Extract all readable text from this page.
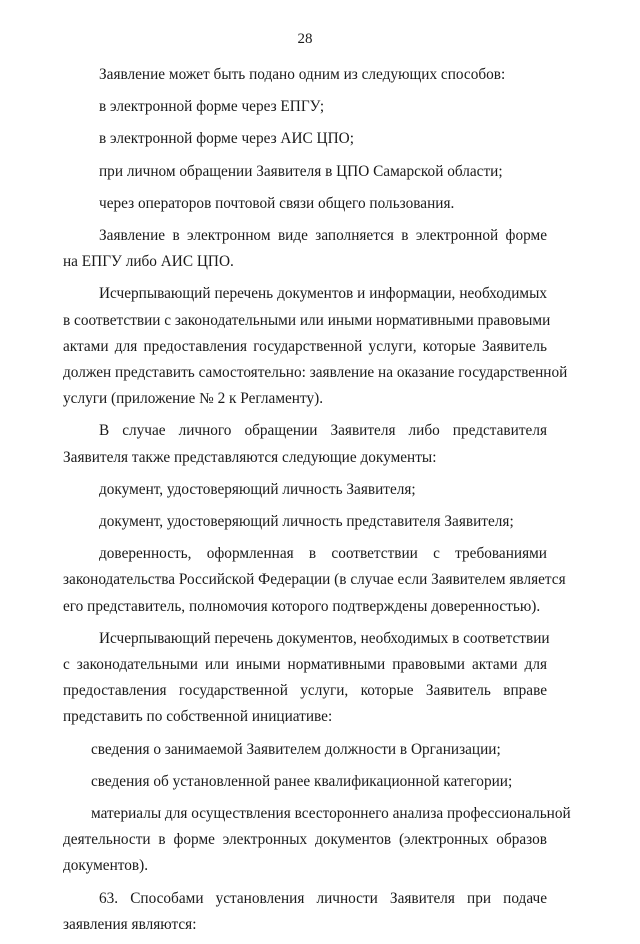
28
Заявление может быть подано одним из следующих способов:
в электронной форме через ЕПГУ;
в электронной форме через АИС ЦПО;
при личном обращении Заявителя в ЦПО Самарской области;
через операторов почтовой связи общего пользования.
Заявление в электронном виде заполняется в электронной форме
на ЕПГУ либо АИС ЦПО.
Исчерпывающий перечень документов и информации, необходимых
в соответствии с законодательными или иными нормативными правовыми
актами для предоставления государственной услуги, которые Заявитель
должен представить самостоятельно: заявление на оказание государственной
услуги (приложение № 2 к Регламенту).
В случае личного обращении Заявителя либо представителя
Заявителя также представляются следующие документы:
документ, удостоверяющий личность Заявителя;
документ, удостоверяющий личность представителя Заявителя;
доверенность, оформленная в соответствии с требованиями
законодательства Российской Федерации (в случае если Заявителем является
его представитель, полномочия которого подтверждены доверенностью).
Исчерпывающий перечень документов, необходимых в соответствии
с законодательными или иными нормативными правовыми актами для
предоставления государственной услуги, которые Заявитель вправе
представить по собственной инициативе:
сведения о занимаемой Заявителем должности в Организации;
сведения об установленной ранее квалификационной категории;
материалы для осуществления всестороннего анализа профессиональной
деятельности в форме электронных документов (электронных образов
документов).
63. Способами установления личности Заявителя при подаче
заявления являются:
